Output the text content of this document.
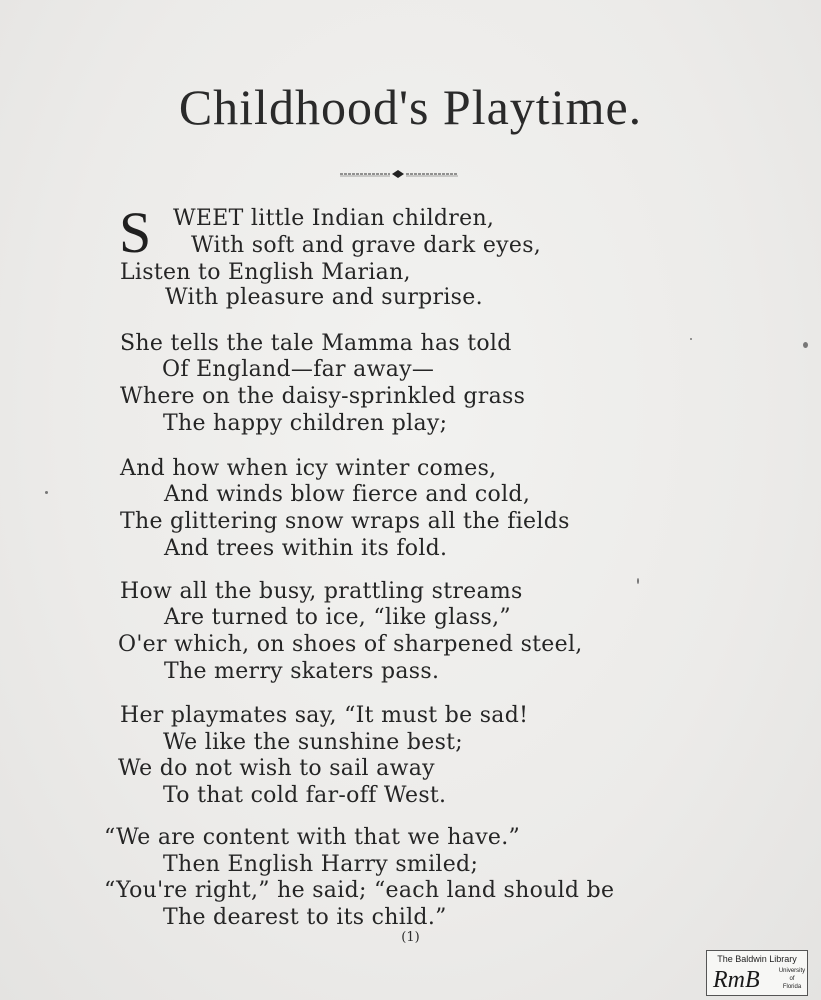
Childhood's Playtime.
S WEET little Indian children,
With soft and grave dark eyes,
Listen to English Marian,
With pleasure and surprise.
She tells the tale Mamma has told
Of England—far away—
Where on the daisy-sprinkled grass
The happy children play;
And how when icy winter comes,
And winds blow fierce and cold,
The glittering snow wraps all the fields
And trees within its fold.
How all the busy, prattling streams
Are turned to ice, “like glass,”
O'er which, on shoes of sharpened steel,
The merry skaters pass.
Her playmates say, “It must be sad!
We like the sunshine best;
We do not wish to sail away
To that cold far-off West.
“We are content with that we have.”
Then English Harry smiled;
“You're right,” he said; “each land should be
The dearest to its child.”
(1)
The Baldwin Library
RmB	University
of
Florida
